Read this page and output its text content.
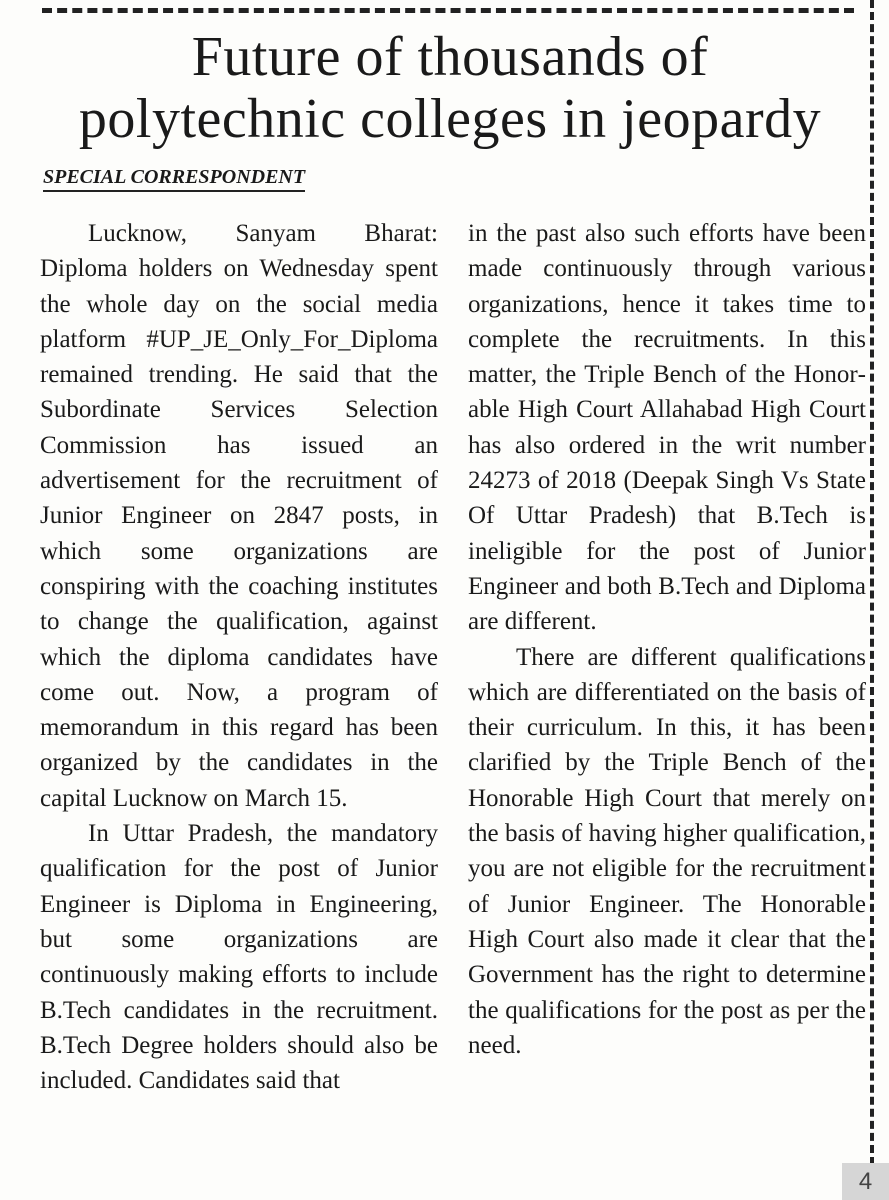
Future of thousands of
polytechnic colleges in jeopardy
SPECIAL CORRESPONDENT

Lucknow, Sanyam Bharat: Diploma holders on Wednesday spent the whole day on the social media platform #UP_JE_Only_For_Diploma remained trending. He said that the Subordinate Services Selection Commission has issued an advertisement for the recruitment of Junior Engineer on 2847 posts, in which some organizations are conspiring with the coaching institutes to change the qualification, against which the diploma candidates have come out. Now, a program of memorandum in this regard has been organized by the candidates in the capital Lucknow on March 15.

In Uttar Pradesh, the mandatory qualification for the post of Junior Engineer is Diploma in Engineering, but some organizations are continuously making efforts to include B.Tech candidates in the recruitment. B.Tech Degree holders should also be included. Candidates said that

in the past also such efforts have been made continuously through various organizations, hence it takes time to complete the recruitments. In this matter, the Triple Bench of the Honorable High Court Allahabad High Court has also ordered in the writ number 24273 of 2018 (Deepak Singh Vs State Of Uttar Pradesh) that B.Tech is ineligible for the post of Junior Engineer and both B.Tech and Diploma are different.

There are different qualifications which are differentiated on the basis of their curriculum. In this, it has been clarified by the Triple Bench of the Honorable High Court that merely on the basis of having higher qualification, you are not eligible for the recruitment of Junior Engineer. The Honorable High Court also made it clear that the Government has the right to determine the qualifications for the post as per the need.

4
